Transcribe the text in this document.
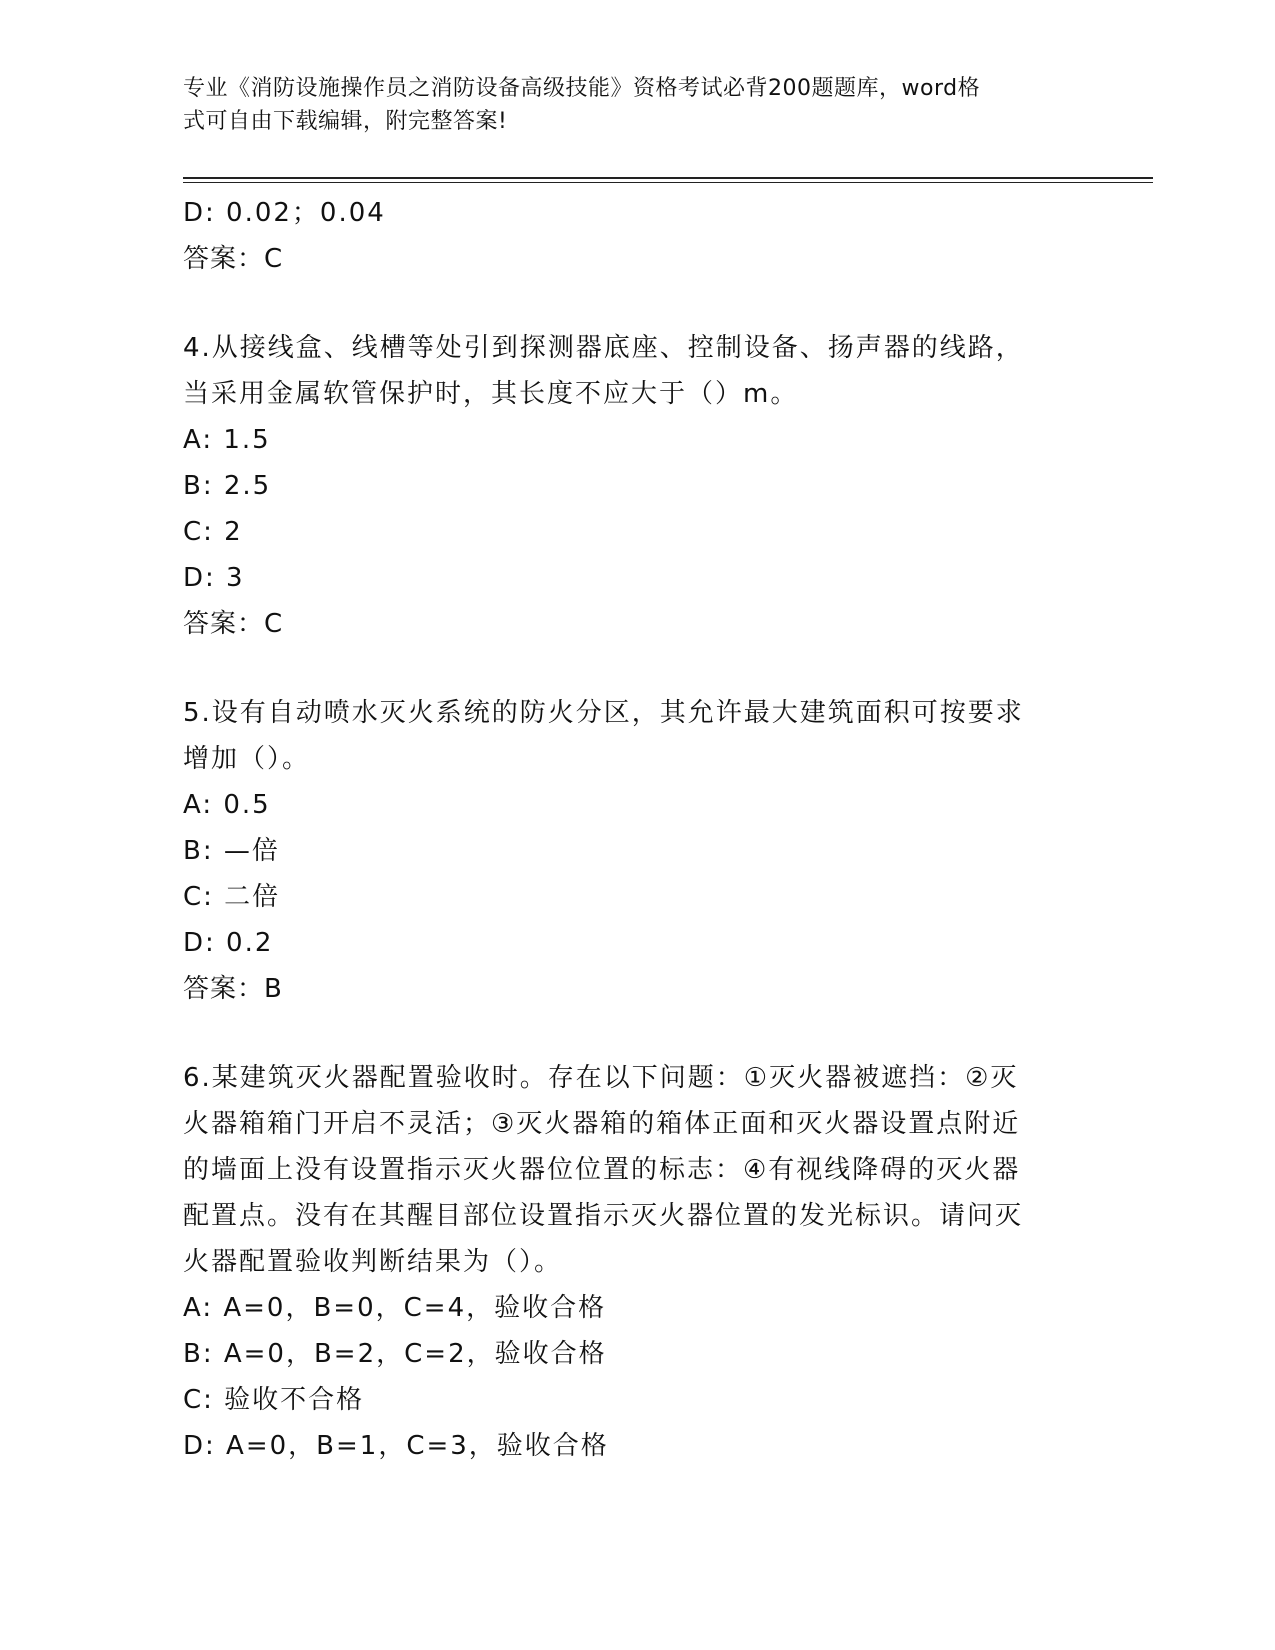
专业《消防设施操作员之消防设备高级技能》资格考试必背200题题库，word格
式可自由下载编辑，附完整答案!
D: 0.02；0.04
答案：C
4.从接线盒、线槽等处引到探测器底座、控制设备、扬声器的线路，
当采用金属软管保护时，其长度不应大于（）m。
A: 1.5
B: 2.5
C: 2
D: 3
答案：C
5.设有自动喷水灭火系统的防火分区，其允许最大建筑面积可按要求
增加（）。
A: 0.5
B: —倍
C: 二倍
D: 0.2
答案：B
6.某建筑灭火器配置验收时。存在以下问题：①灭火器被遮挡：②灭
火器箱箱门开启不灵活；③灭火器箱的箱体正面和灭火器设置点附近
的墙面上没有设置指示灭火器位位置的标志：④有视线降碍的灭火器
配置点。没有在其醒目部位设置指示灭火器位置的发光标识。请问灭
火器配置验收判断结果为（）。
A: A=0，B=0，C=4，验收合格
B: A=0，B=2，C=2，验收合格
C: 验收不合格
D: A=0，B=1，C=3，验收合格
